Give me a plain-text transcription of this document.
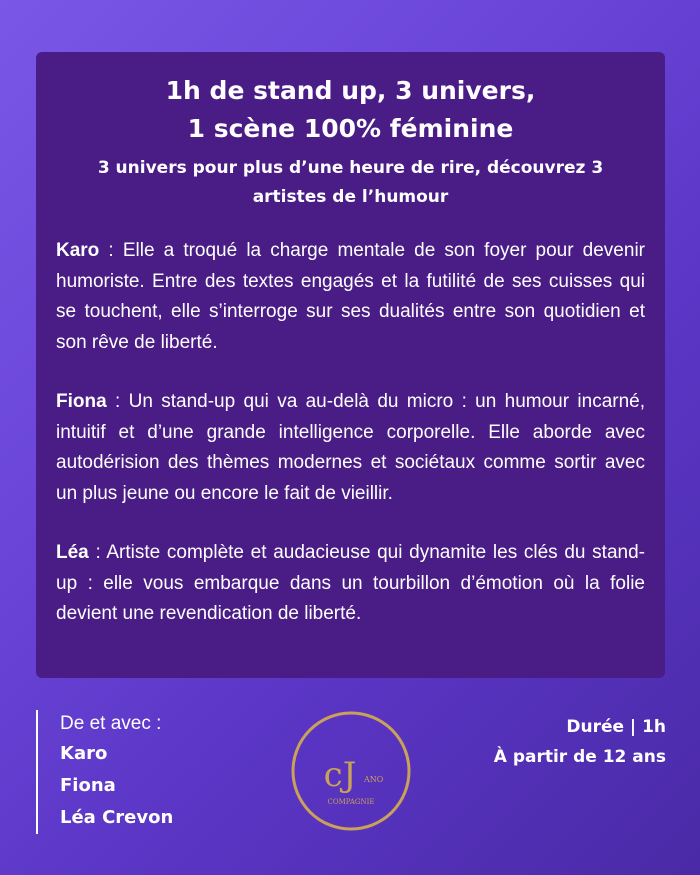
1h de stand up, 3 univers,
1 scène 100% féminine

3 univers pour plus d’une heure de rire, découvrez 3 artistes de l’humour

Karo : Elle a troqué la charge mentale de son foyer pour devenir humoriste. Entre des textes engagés et la futilité de ses cuisses qui se touchent, elle s’interroge sur ses dualités entre son quotidien et son rêve de liberté.

Fiona : Un stand-up qui va au-delà du micro : un humour incarné, intuitif et d’une grande intelligence corporelle. Elle aborde avec autodérision des thèmes modernes et sociétaux comme sortir avec un plus jeune ou encore le fait de vieillir.

Léa : Artiste complète et audacieuse qui dynamite les clés du stand-up : elle vous embarque dans un tourbillon d’émotion où la folie devient une revendication de liberté.

De et avec :

Karo

Fiona

Léa Crevon

cJ ANO
COMPAGNIE

Durée | 1h

À partir de 12 ans
